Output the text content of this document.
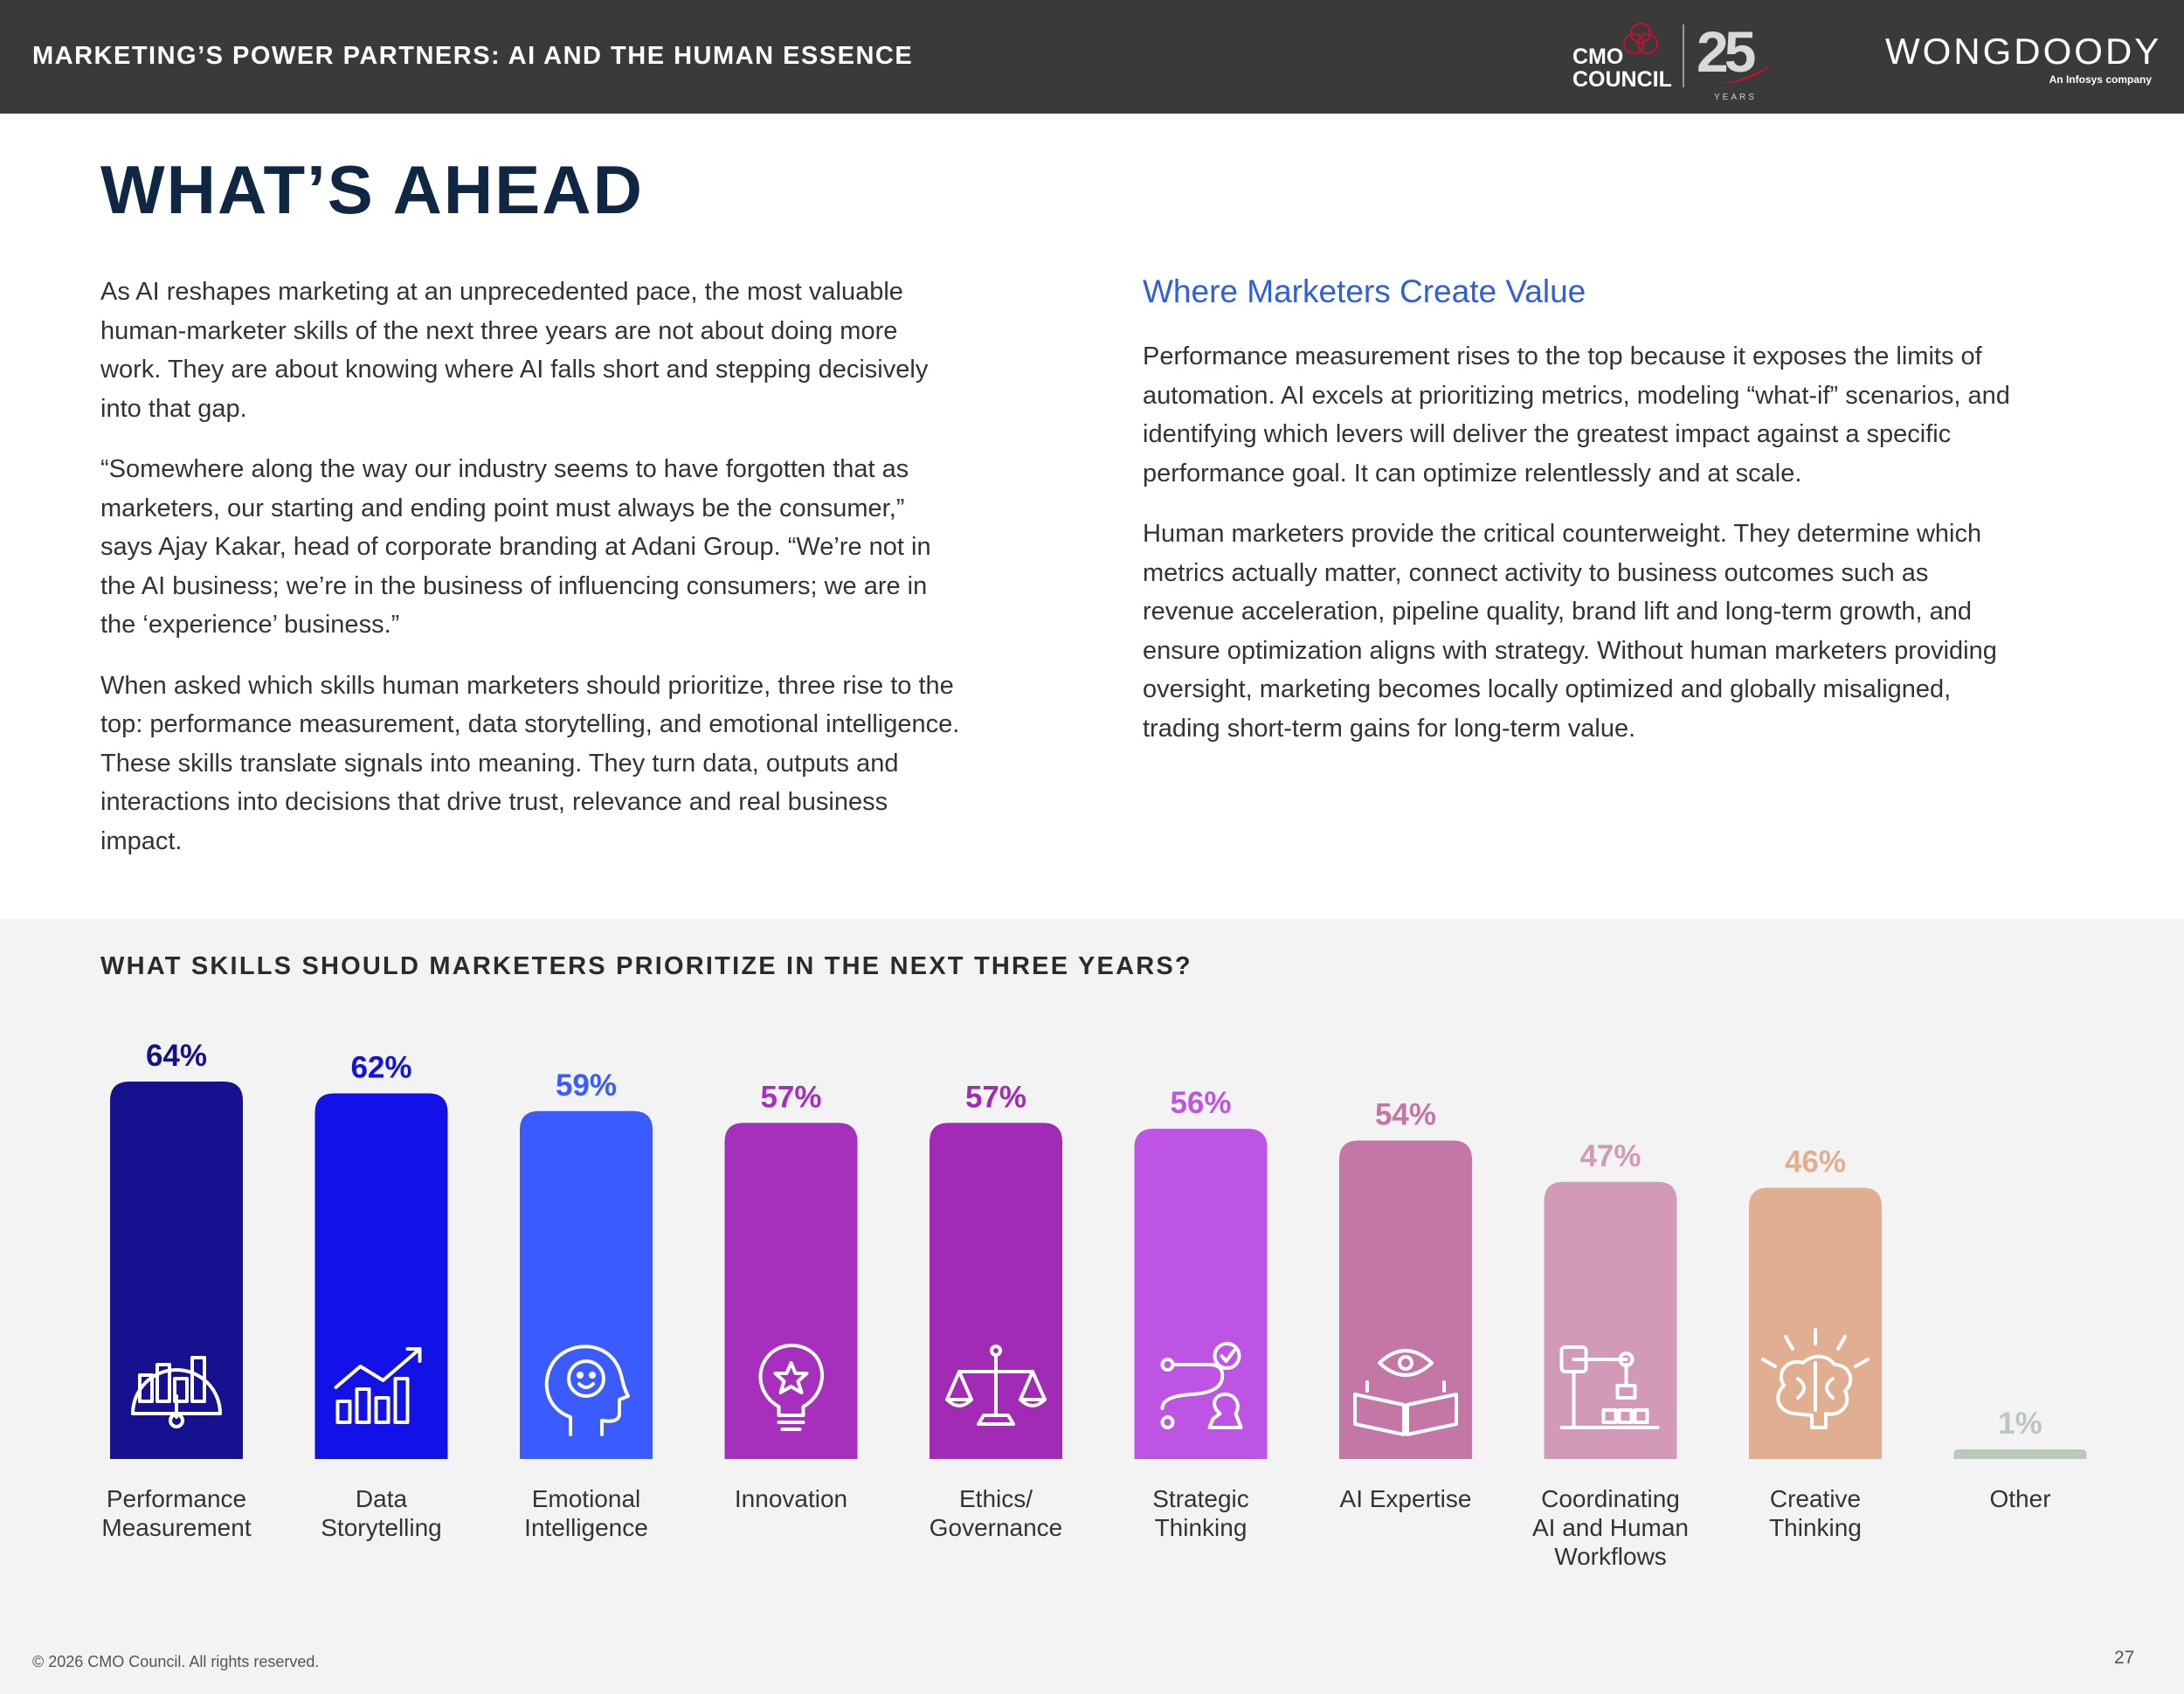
MARKETING’S POWER PARTNERS: AI AND THE HUMAN ESSENCE	CMO
COUNCIL 25
YEARS
WONGDOODY
An Infosys company
WHAT’S AHEAD

As AI reshapes marketing at an unprecedented pace, the most valuable human-marketer skills of the next three years are not about doing more work. They are about knowing where AI falls short and stepping decisively into that gap.

“Somewhere along the way our industry seems to have forgotten that as marketers, our starting and ending point must always be the consumer,” says Ajay Kakar, head of corporate branding at Adani Group. “We’re not in the AI business; we’re in the business of influencing consumers; we are in the ‘experience’ business.”

When asked which skills human marketers should prioritize, three rise to the top: performance measurement, data storytelling, and emotional intelligence. These skills translate signals into meaning. They turn data, outputs and interactions into decisions that drive trust, relevance and real business impact.

Where Marketers Create Value

Performance measurement rises to the top because it exposes the limits of automation. AI excels at prioritizing metrics, modeling “what-if” scenarios, and identifying which levers will deliver the greatest impact against a specific performance goal. It can optimize relentlessly and at scale.

Human marketers provide the critical counterweight. They determine which metrics actually matter, connect activity to business outcomes such as revenue acceleration, pipeline quality, brand lift and long-term growth, and ensure optimization aligns with strategy. Without human marketers providing oversight, marketing becomes locally optimized and globally misaligned, trading short-term gains for long-term value.

WHAT SKILLS SHOULD MARKETERS PRIORITIZE IN THE NEXT THREE YEARS?
64%
Performance Measurement
62%
Data Storytelling
59%
Emotional Intelligence
57%
Innovation
57%
Ethics/ Governance
56%
Strategic Thinking
54%
AI Expertise
47%
Coordinating AI and Human Workflows
46%
Creative Thinking
1%
Other
© 2026 CMO Council. All rights reserved.	27
